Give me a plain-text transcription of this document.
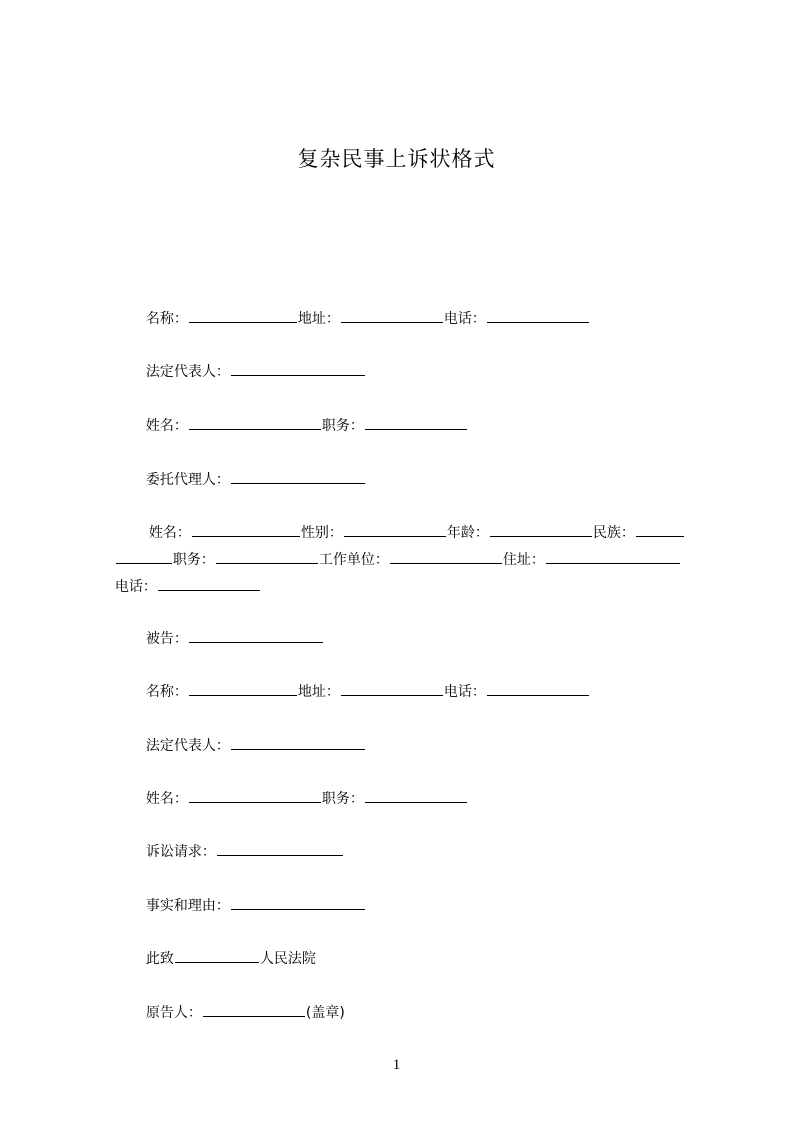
复杂民事上诉状格式

名称：	地址：	电话：

法定代表人：

姓名：	职务：

委托代理人：

姓名：	性别：	年龄：	民族：

职务：	工作单位：	住址：

电话：

被告：

名称：	地址：	电话：

法定代表人：

姓名：	职务：

诉讼请求：

事实和理由：

此致	人民法院

原告人：	(盖章)

1
